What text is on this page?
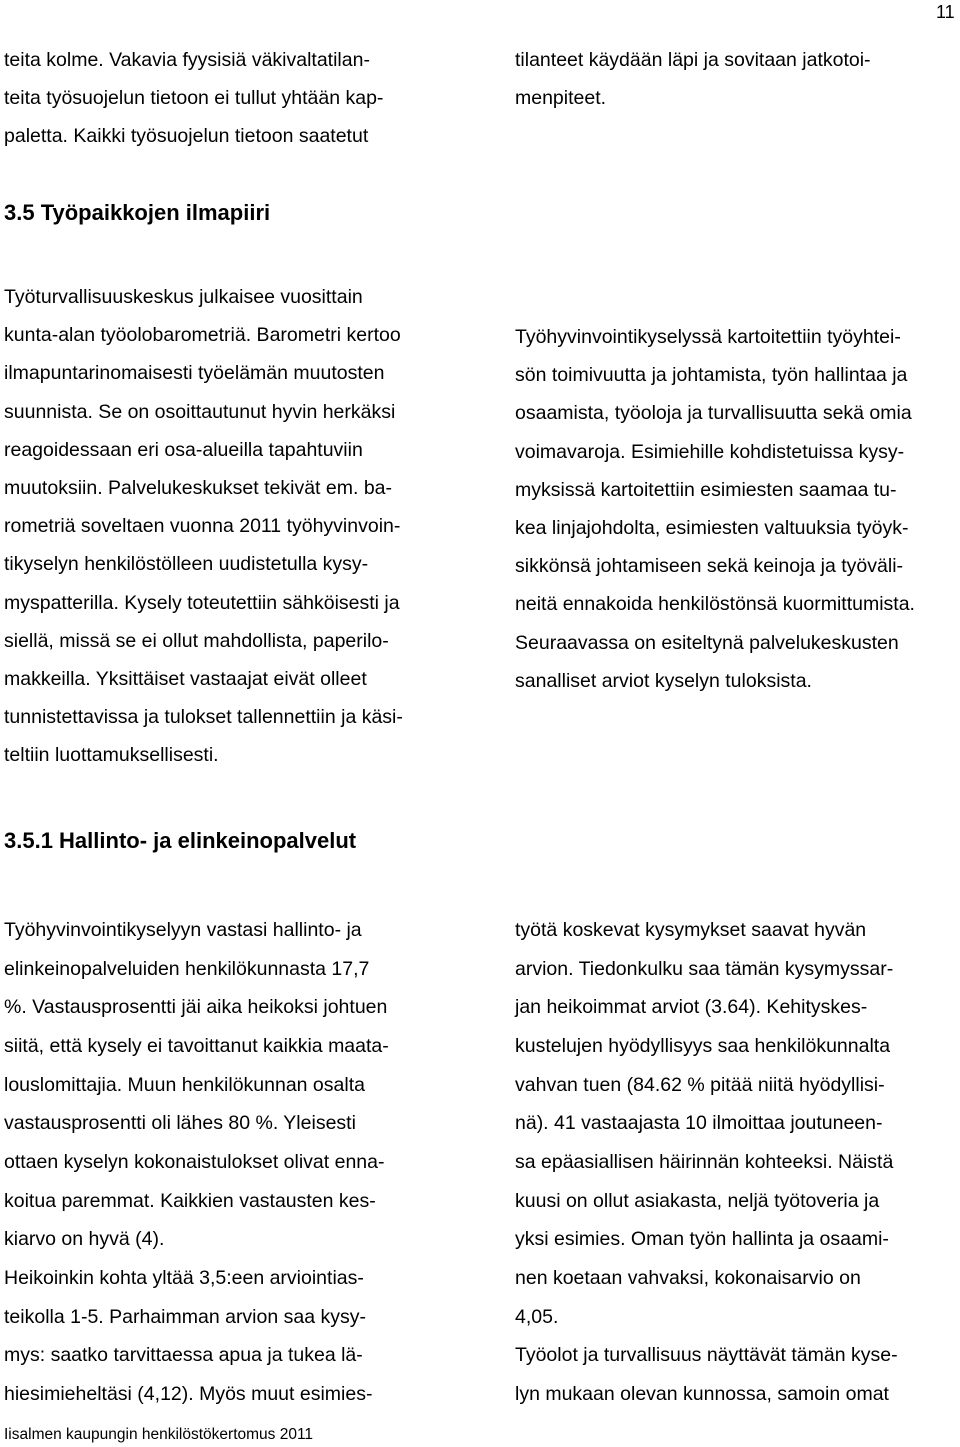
11
teita kolme. Vakavia fyysisiä väkivaltatilan-
teita työsuojelun tietoon ei tullut yhtään kap-
paletta. Kaikki työsuojelun tietoon saatetut
tilanteet käydään läpi ja sovitaan jatkotoi-
menpiteet.
3.5 Työpaikkojen ilmapiiri
Työturvallisuuskeskus julkaisee vuosittain
kunta-alan työolobarometriä. Barometri kertoo
ilmapuntarinomaisesti työelämän muutosten
suunnista. Se on osoittautunut hyvin herkäksi
reagoidessaan eri osa-alueilla tapahtuviin
muutoksiin. Palvelukeskukset tekivät em. ba-
rometriä soveltaen vuonna 2011 työhyvinvoin-
tikyselyn henkilöstölleen uudistetulla kysy-
myspatterilla. Kysely toteutettiin sähköisesti ja
siellä, missä se ei ollut mahdollista, paperilo-
makkeilla. Yksittäiset vastaajat eivät olleet
tunnistettavissa ja tulokset tallennettiin ja käsi-
teltiin luottamuksellisesti.
Työhyvinvointikyselyssä kartoitettiin työyhtei-
sön toimivuutta ja johtamista, työn hallintaa ja
osaamista, työoloja ja turvallisuutta sekä omia
voimavaroja. Esimiehille kohdistetuissa kysy-
myksissä kartoitettiin esimiesten saamaa tu-
kea linjajohdolta, esimiesten valtuuksia työyk-
sikkönsä johtamiseen sekä keinoja ja työväli-
neitä ennakoida henkilöstönsä kuormittumista.
Seuraavassa on esiteltynä palvelukeskusten
sanalliset arviot kyselyn tuloksista.
3.5.1 Hallinto- ja elinkeinopalvelut
Työhyvinvointikyselyyn vastasi hallinto- ja
elinkeinopalveluiden henkilökunnasta 17,7
%. Vastausprosentti jäi aika heikoksi johtuen
siitä, että kysely ei tavoittanut kaikkia maata-
louslomittajia. Muun henkilökunnan osalta
vastausprosentti oli lähes 80 %. Yleisesti
ottaen kyselyn kokonaistulokset olivat enna-
koitua paremmat. Kaikkien vastausten kes-
kiarvo on hyvä (4).
Heikoinkin kohta yltää 3,5:een arviointias-
teikolla 1-5. Parhaimman arvion saa kysy-
mys: saatko tarvittaessa apua ja tukea lä-
hiesimieheltäsi (4,12). Myös muut esimies-
työtä koskevat kysymykset saavat hyvän
arvion. Tiedonkulku saa tämän kysymyssar-
jan heikoimmat arviot (3.64). Kehityskes-
kustelujen hyödyllisyys saa henkilökunnalta
vahvan tuen (84.62 % pitää niitä hyödyllisi-
nä). 41 vastaajasta 10 ilmoittaa joutuneen-
sa epäasiallisen häirinnän kohteeksi. Näistä
kuusi on ollut asiakasta, neljä työtoveria ja
yksi esimies. Oman työn hallinta ja osaami-
nen koetaan vahvaksi, kokonaisarvio on
4,05.
Työolot ja turvallisuus näyttävät tämän kyse-
lyn mukaan olevan kunnossa, samoin omat
Iisalmen kaupungin henkilöstökertomus 2011
